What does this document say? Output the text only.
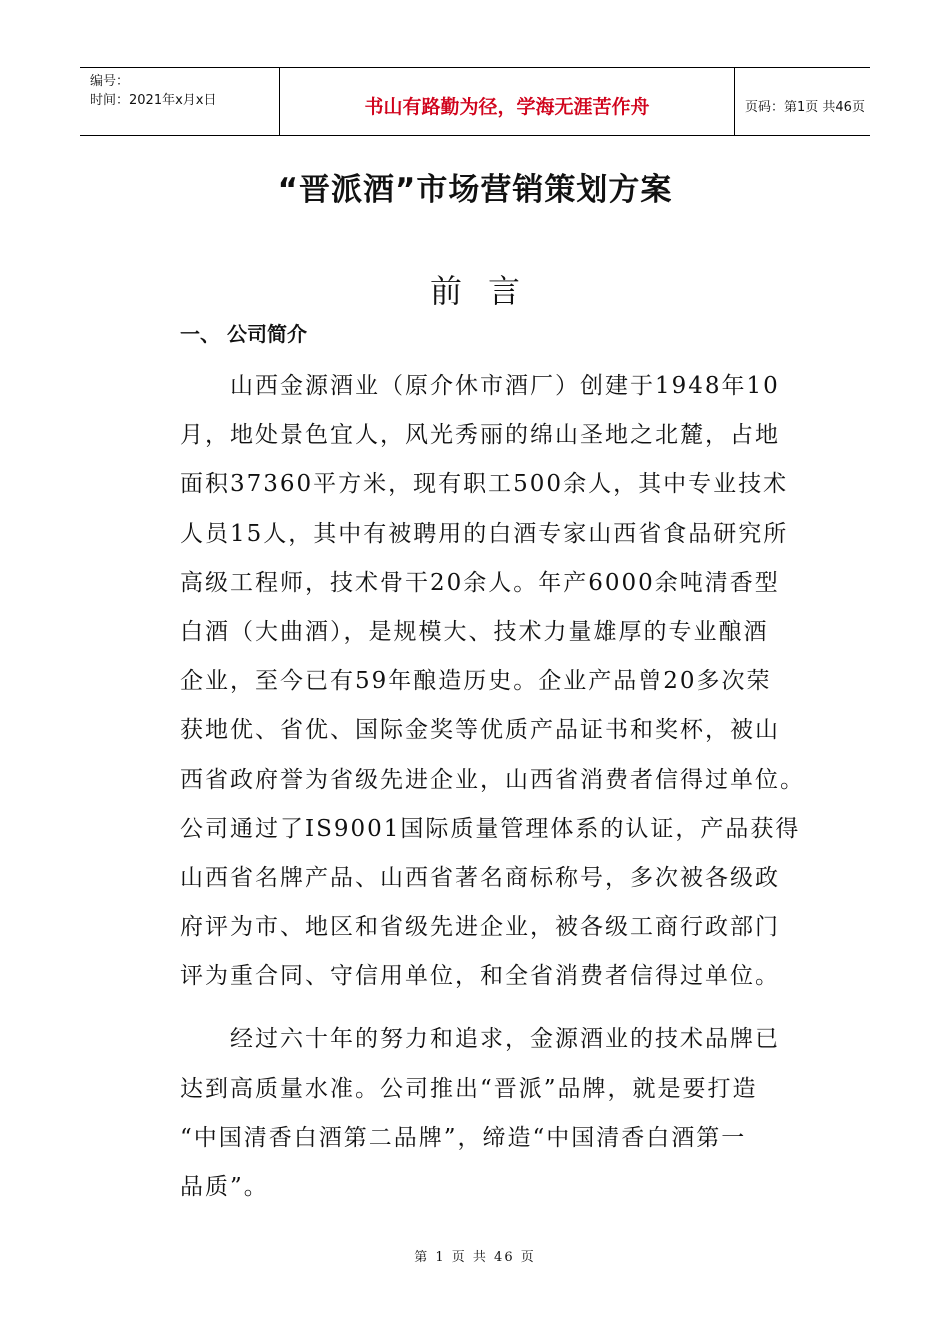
编号：
时间：2021年x月x日	书山有路勤为径，学海无涯苦作舟	页码：第1页 共46页
“晋派酒”市场营销策划方案
前言
一、 公司简介
　　山西金源酒业（原介休市酒厂）创建于1948年10
月，地处景色宜人，风光秀丽的绵山圣地之北麓，占地
面积37360平方米，现有职工500余人，其中专业技术
人员15人，其中有被聘用的白酒专家山西省食品研究所
高级工程师，技术骨干20余人。年产6000余吨清香型
白酒（大曲酒），是规模大、技术力量雄厚的专业酿酒
企业，至今已有59年酿造历史。企业产品曾20多次荣
获地优、省优、国际金奖等优质产品证书和奖杯，被山
西省政府誉为省级先进企业，山西省消费者信得过单位。
公司通过了IS9001国际质量管理体系的认证，产品获得
山西省名牌产品、山西省著名商标称号，多次被各级政
府评为市、地区和省级先进企业，被各级工商行政部门
评为重合同、守信用单位，和全省消费者信得过单位。
　　经过六十年的努力和追求，金源酒业的技术品牌已
达到高质量水准。公司推出“晋派”品牌，就是要打造
“中国清香白酒第二品牌”，缔造“中国清香白酒第一
品质”。
第 1 页 共 46 页
